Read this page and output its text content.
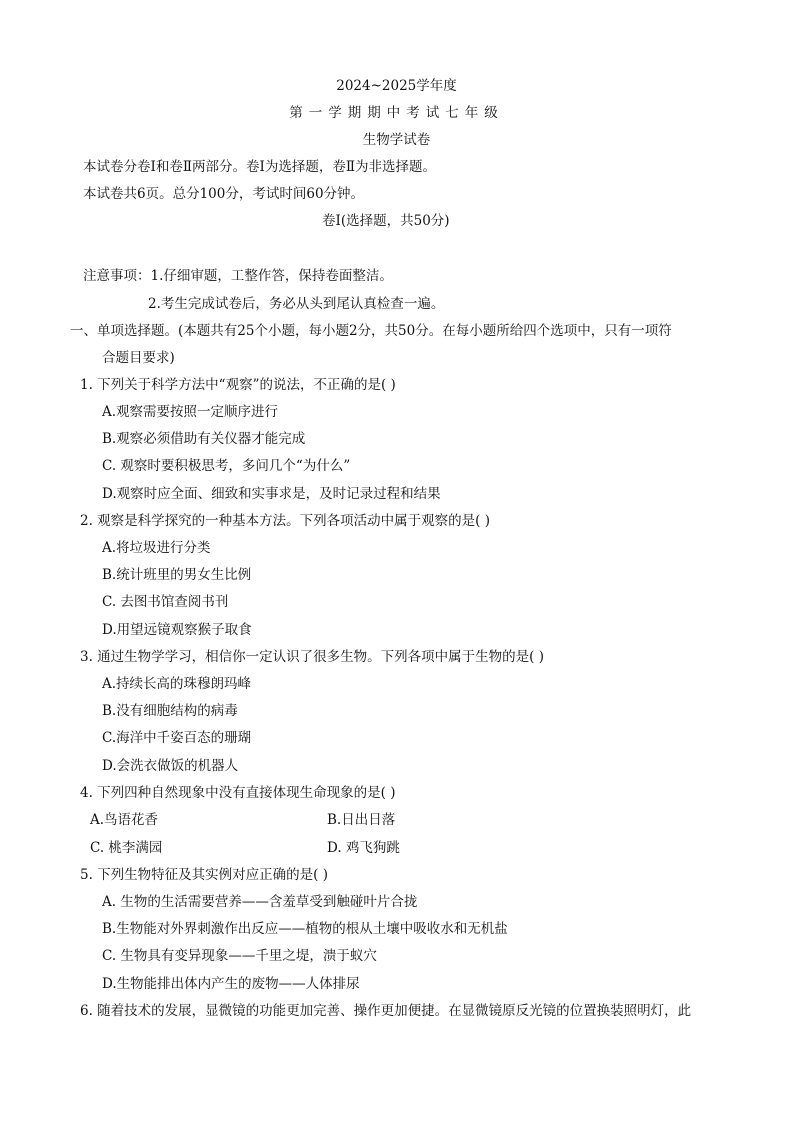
2024~2025学年度
第一学期期中考试七年级
生物学试卷
本试卷分卷Ⅰ和卷Ⅱ两部分。卷Ⅰ为选择题，卷Ⅱ为非选择题。
本试卷共6页。总分100分，考试时间60分钟。
卷Ⅰ(选择题，共50分)
注意事项：1.仔细审题，工整作答，保持卷面整洁。
2.考生完成试卷后，务必从头到尾认真检查一遍。
一、单项选择题。(本题共有25个小题，每小题2分，共50分。在每小题所给四个选项中，只有一项符
合题目要求)
1. 下列关于科学方法中“观察”的说法，不正确的是( )
A.观察需要按照一定顺序进行
B.观察必须借助有关仪器才能完成
C. 观察时要积极思考，多问几个“为什么”
D.观察时应全面、细致和实事求是，及时记录过程和结果
2. 观察是科学探究的一种基本方法。下列各项活动中属于观察的是( )
A.将垃圾进行分类
B.统计班里的男女生比例
C. 去图书馆查阅书刊
D.用望远镜观察猴子取食
3. 通过生物学学习，相信你一定认识了很多生物。下列各项中属于生物的是( )
A.持续长高的珠穆朗玛峰
B.没有细胞结构的病毒
C.海洋中千姿百态的珊瑚
D.会洗衣做饭的机器人
4. 下列四种自然现象中没有直接体现生命现象的是( )
A.鸟语花香	B.日出日落
C. 桃李满园	D. 鸡飞狗跳
5. 下列生物特征及其实例对应正确的是( )
A. 生物的生活需要营养——含羞草受到触碰叶片合拢
B.生物能对外界刺激作出反应——植物的根从土壤中吸收水和无机盐
C. 生物具有变异现象——千里之堤，溃于蚁穴
D.生物能排出体内产生的废物——人体排尿
6. 随着技术的发展，显微镜的功能更加完善、操作更加便捷。在显微镜原反光镜的位置换装照明灯，此
